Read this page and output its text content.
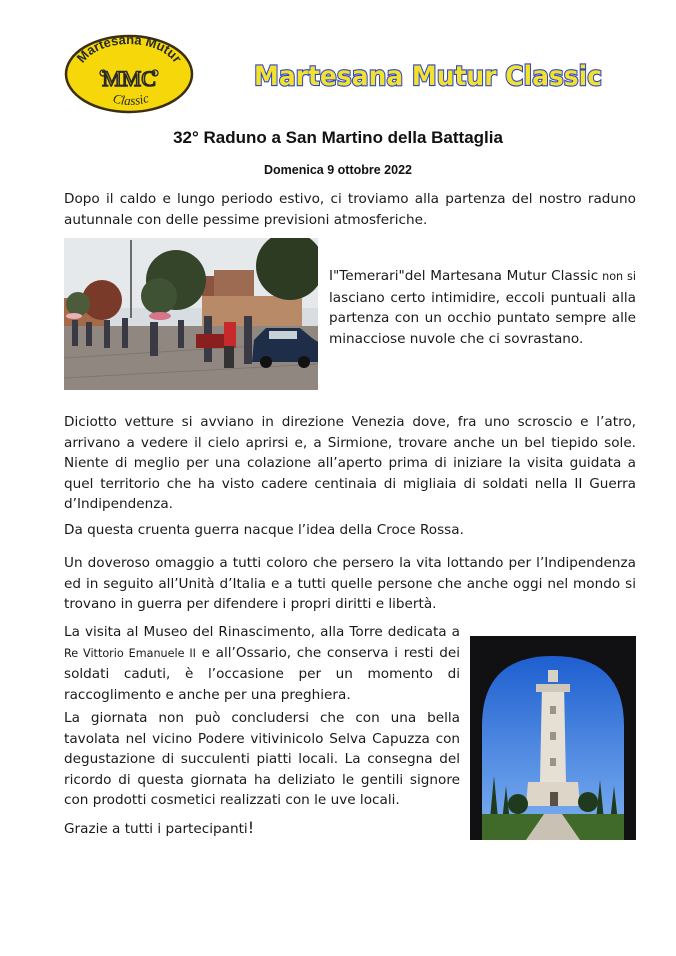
Martesana Mutur
MMC
Classic
Martesana Mutur Classic
32° Raduno a San Martino della Battaglia
Domenica 9 ottobre 2022

Dopo il caldo e lungo periodo estivo, ci troviamo alla partenza del nostro raduno autunnale con delle pessime previsioni atmosferiche.

I"Temerari"del Martesana Mutur Classic non si lasciano certo intimidire, eccoli puntuali alla partenza con un occhio puntato sempre alle minacciose nuvole che ci sovrastano.

Diciotto vetture si avviano in direzione Venezia dove, fra uno scroscio e l’atro, arrivano a vedere il cielo aprirsi e, a Sirmione, trovare anche un bel tiepido sole. Niente di meglio per una colazione all’aperto prima di iniziare la visita guidata a quel territorio che ha visto cadere centinaia di migliaia di soldati nella II Guerra d’Indipendenza.

Da questa cruenta guerra nacque l’idea della Croce Rossa.

Un doveroso omaggio a tutti coloro che persero la vita lottando per l’Indipendenza ed in seguito all’Unità d’Italia e a tutti quelle persone che anche oggi nel mondo si trovano in guerra per difendere i propri diritti e libertà.

La visita al Museo del Rinascimento, alla Torre dedicata a Re Vittorio Emanuele II e all’Ossario, che conserva i resti dei soldati caduti, è l’occasione per un momento di raccoglimento e anche per una preghiera.

La giornata non può concludersi che con una bella tavolata nel vicino Podere vitivinicolo Selva Capuzza con degustazione di succulenti piatti locali. La consegna del ricordo di questa giornata ha deliziato le gentili signore con prodotti cosmetici realizzati con le uve locali.

Grazie a tutti i partecipanti!
